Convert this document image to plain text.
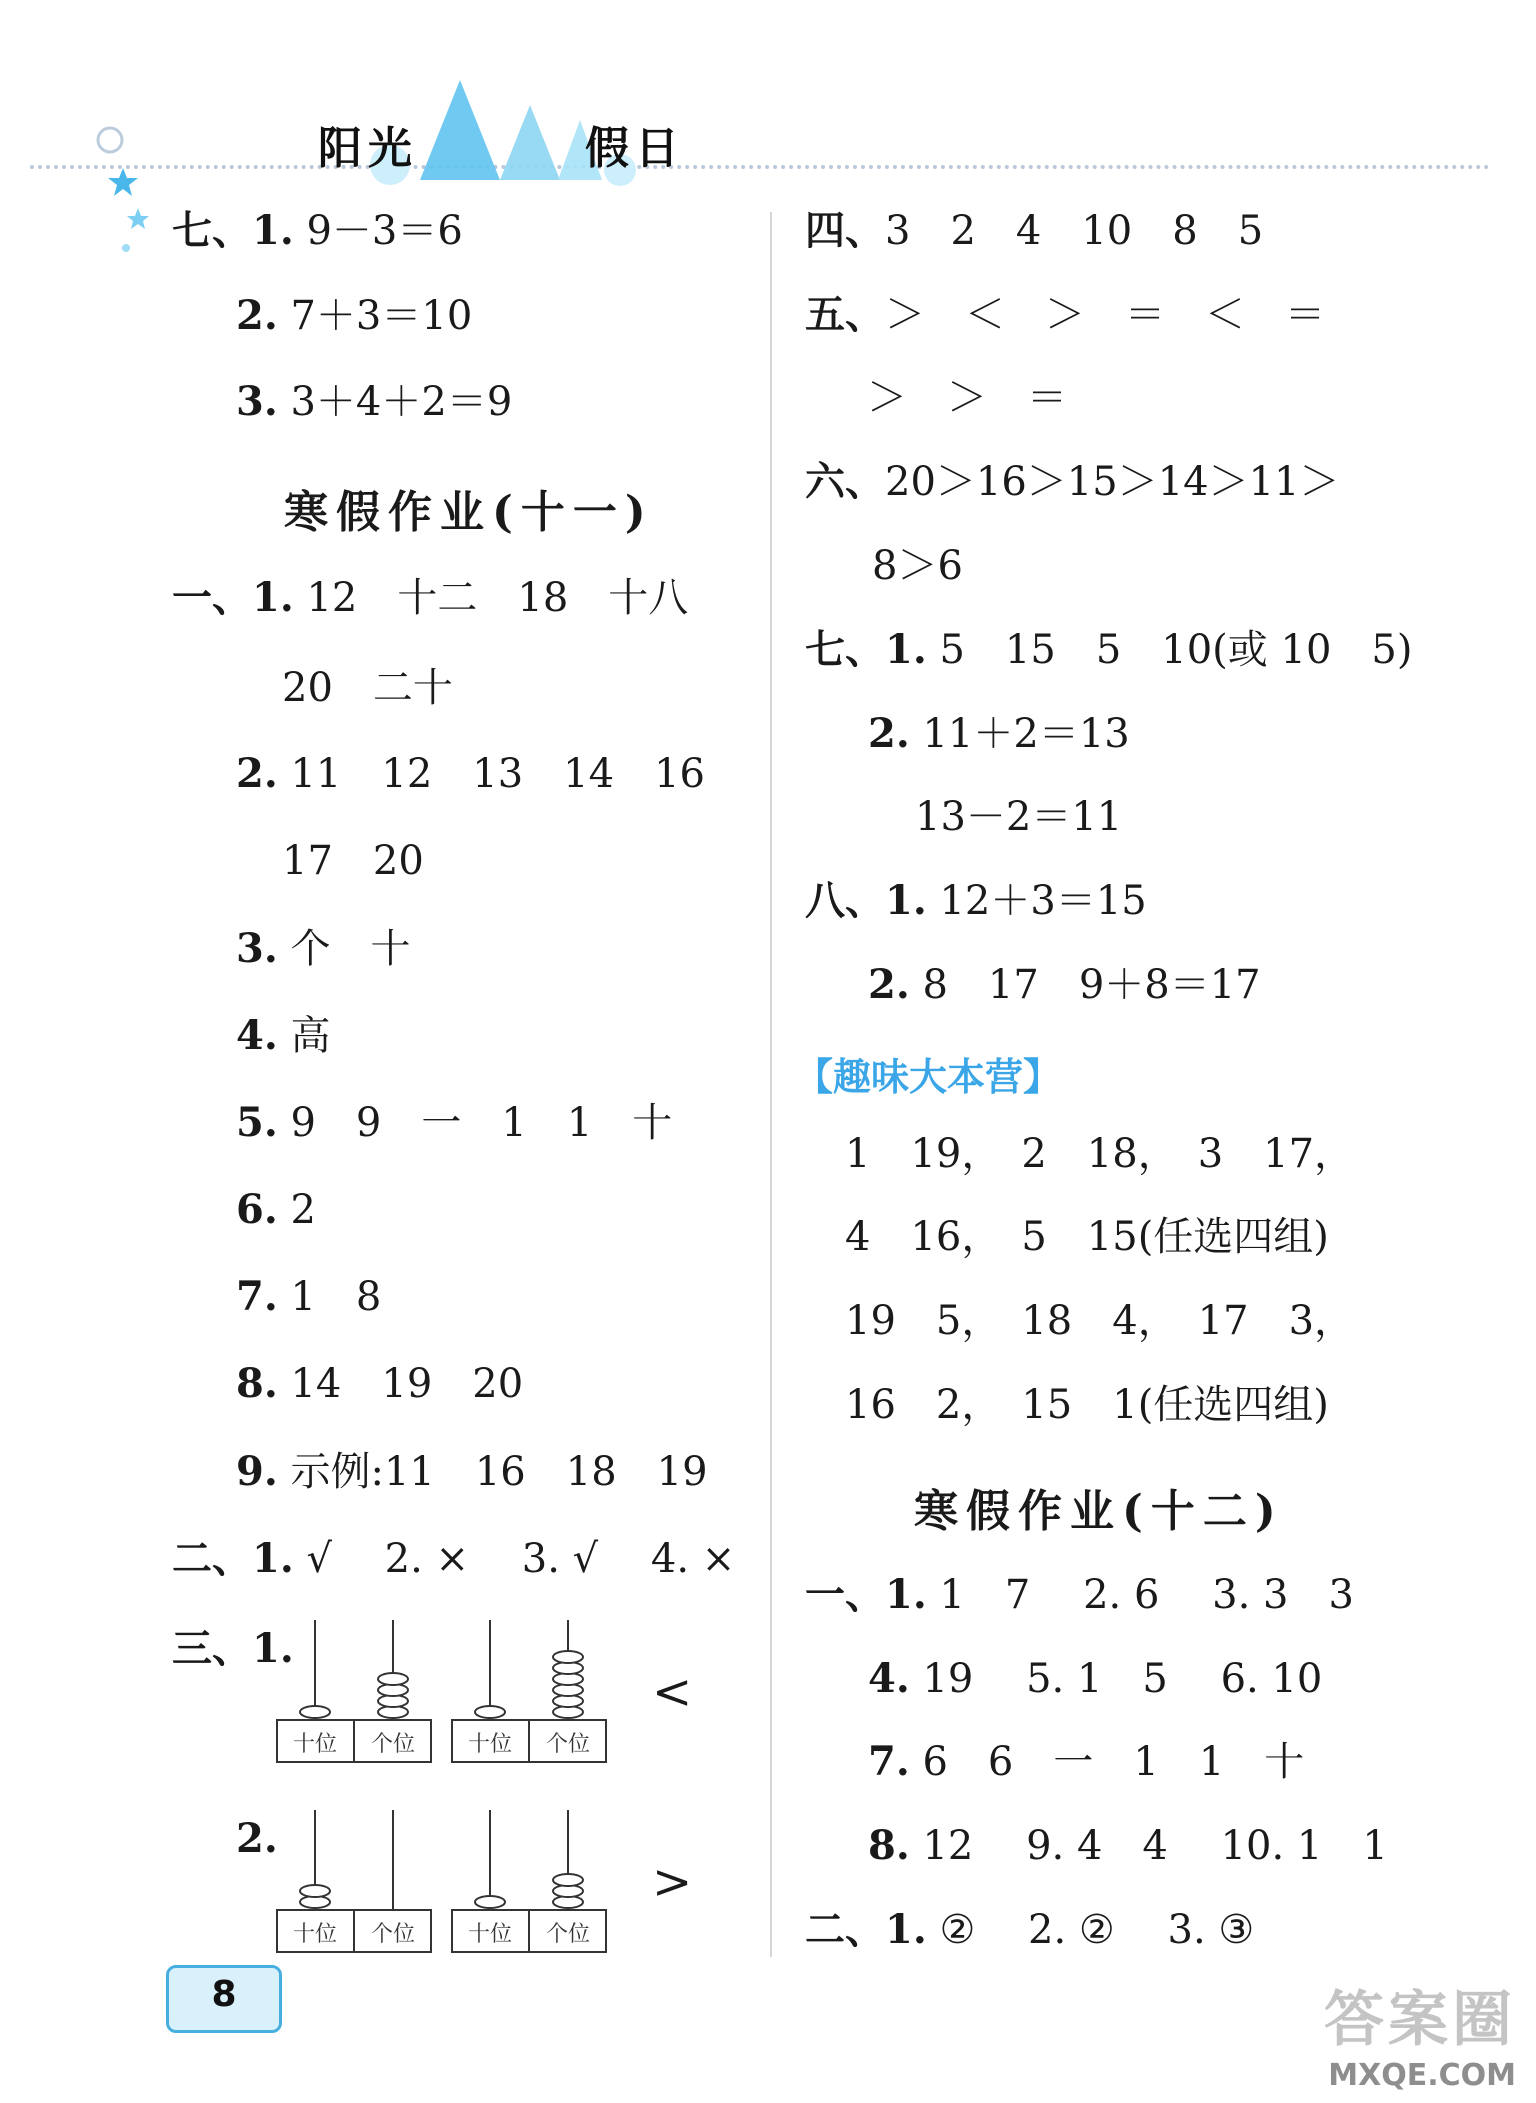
阳光	假日
七、1. 9－3＝6
2. 7＋3＝10
3. 3＋4＋2＝9
寒假作业(十一)
一、1. 12　十二　18　十八
20　二十
2. 11　12　13　14　16
17　20
3. 个　十
4. 高
5. 9　9　一　1　1　十
6. 2
7. 1　8
8. 14　19　20
9. 示例:11　16　18　19
二、1. √　 2. ×　 3. √　 4. ×
三、1.
2.
十位 个位 十位 个位
<
十位 个位 十位 个位
>
四、3　2　4　10　8　5
五、＞　＜　＞　＝　＜　＝
＞　＞　＝
六、20＞16＞15＞14＞11＞
8＞6
七、1. 5　15　5　10(或 10　5)
2. 11＋2＝13
13－2＝11
八、1. 12＋3＝15
2. 8　17　9＋8＝17
【趣味大本营】
1　19，　2　18，　3　17，
4　16，　5　15(任选四组)
19　5，　18　4，　17　3，
16　2，　15　1(任选四组)
寒假作业(十二)
一、1. 1　7　 2. 6　 3. 3　3
4. 19　 5. 1　5　 6. 10
7. 6　6　一　1　1　十
8. 12　 9. 4　4　 10. 1　1
二、1. ②　 2. ②　 3. ③
8	答案圈
MXQE.COM
